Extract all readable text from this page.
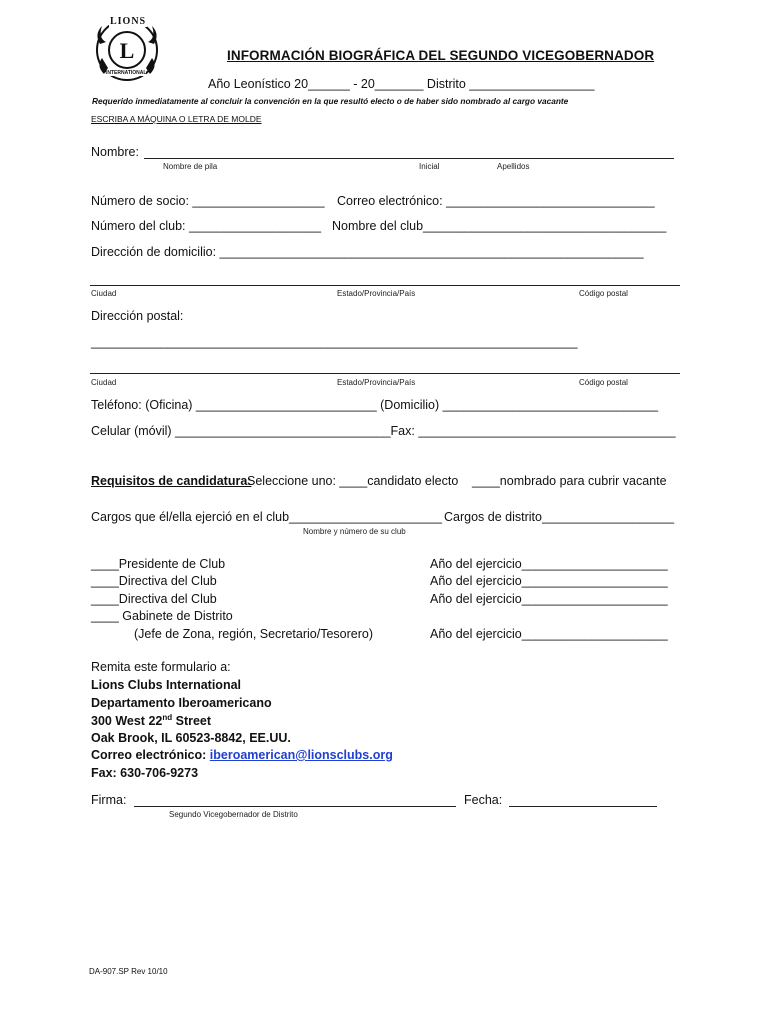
L
LIONS
INTERNATIONAL
INFORMACIÓN BIOGRÁFICA DEL SEGUNDO VICEGOBERNADOR
Año Leonístico 20______ - 20_______ Distrito __________________
Requerido inmediatamente al concluir la convención en la que resultó electo o de haber sido nombrado al cargo vacante
ESCRIBA A MÁQUINA O LETRA DE MOLDE
Nombre:
Nombre de pila	Inicial	Apellidos
Número de socio: ___________________ Correo electrónico: ______________________________
Número del club: ___________________ Nombre del club___________________________________
Dirección de domicilio: _____________________________________________________________
Ciudad	Estado/Provincia/País	Código postal
Dirección postal:
______________________________________________________________________
Ciudad	Estado/Provincia/País	Código postal
Teléfono: (Oficina) __________________________ (Domicilio) _______________________________
Celular (móvil) _______________________________Fax: _____________________________________
Requisitos de candidatura:
Seleccione uno: ____candidato electo ____nombrado para cubrir vacante
Cargos que él/ella ejerció en el club______________________ Cargos de distrito___________________
Nombre y número de su club
____Presidente de Club	Año del ejercicio_____________________
____Directiva del Club	Año del ejercicio_____________________
____Directiva del Club	Año del ejercicio_____________________
____ Gabinete de Distrito
(Jefe de Zona, región, Secretario/Tesorero)	Año del ejercicio_____________________
Remita este formulario a:
Lions Clubs International
Departamento Iberoamericano
300 West 22nd Street
Oak Brook, IL 60523-8842, EE.UU.
Correo electrónico: iberoamerican@lionsclubs.org
Fax: 630-706-9273
Firma:	Fecha:
Segundo Vicegobernador de Distrito
DA-907.SP Rev 10/10
